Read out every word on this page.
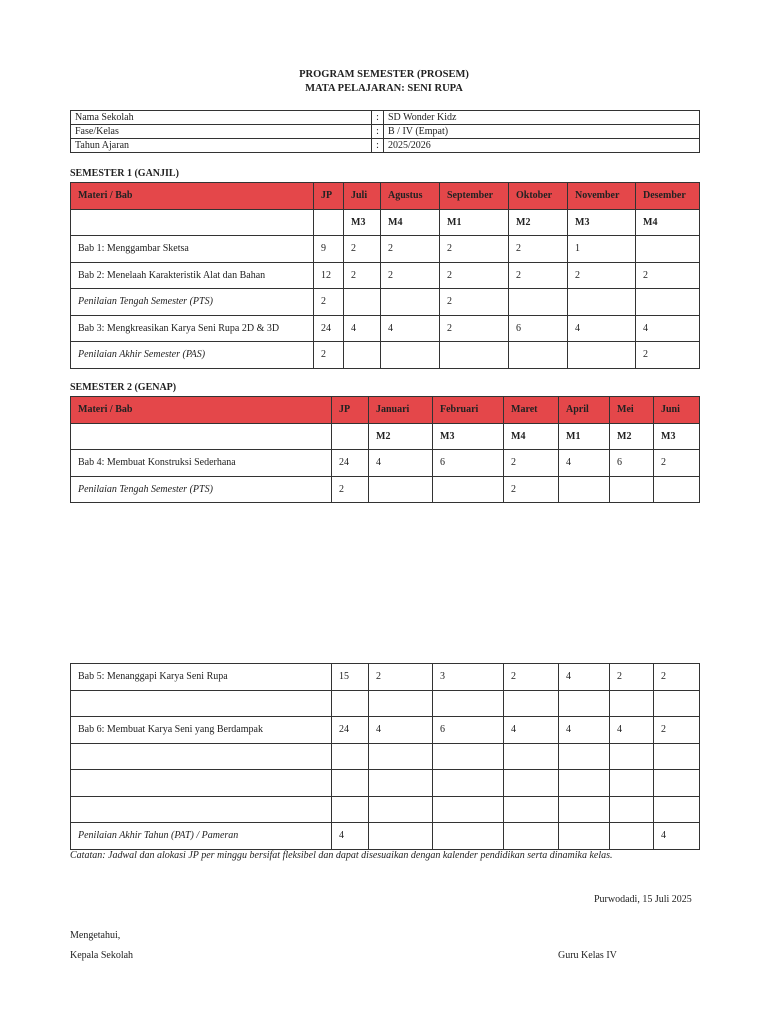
PROGRAM SEMESTER (PROSEM)
MATA PELAJARAN: SENI RUPA
Nama Sekolah	:	SD Wonder Kidz
Fase/Kelas	:	B / IV (Empat)
Tahun Ajaran	:	2025/2026
SEMESTER 1 (GANJIL)
Materi / Bab	JP	Juli	Agustus	September	Oktober	November	Desember
		M3	M4	M1	M2	M3	M4
Bab 1: Menggambar Sketsa	9	2	2	2	2	1	
Bab 2: Menelaah Karakteristik Alat dan Bahan	12	2	2	2	2	2	2
Penilaian Tengah Semester (PTS)	2			2			
Bab 3: Mengkreasikan Karya Seni Rupa 2D & 3D	24	4	4	2	6	4	4
Penilaian Akhir Semester (PAS)	2						2
SEMESTER 2 (GENAP)
Materi / Bab	JP	Januari	Februari	Maret	April	Mei	Juni
		M2	M3	M4	M1	M2	M3
Bab 4: Membuat Konstruksi Sederhana	24	4	6	2	4	6	2
Penilaian Tengah Semester (PTS)	2			2			
Bab 5: Menanggapi Karya Seni Rupa	15	2	3	2	4	2	2

Bab 6: Membuat Karya Seni yang Berdampak	24	4	6	4	4	4	2

Penilaian Akhir Tahun (PAT) / Pameran	4						4
Catatan: Jadwal dan alokasi JP per minggu bersifat fleksibel dan dapat disesuaikan dengan kalender pendidikan serta dinamika kelas.
Purwodadi, 15 Juli 2025
Mengetahui,
Kepala Sekolah	Guru Kelas IV
